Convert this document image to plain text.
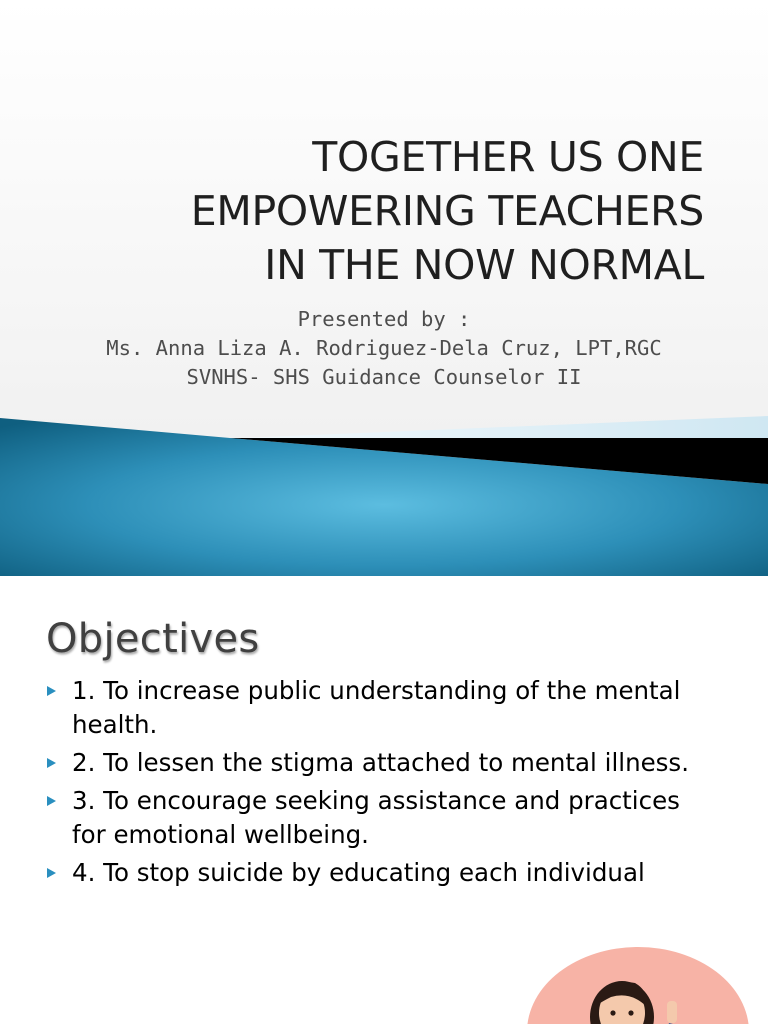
TOGETHER US ONE
EMPOWERING TEACHERS
IN THE NOW NORMAL
Presented by :
Ms. Anna Liza A. Rodriguez-Dela Cruz, LPT,RGC
SVNHS- SHS Guidance Counselor II
Objectives
1. To increase public understanding of the mental health.
2. To lessen the stigma attached to mental illness.
3. To encourage seeking assistance and practices for emotional wellbeing.
4. To stop suicide by educating each individual
